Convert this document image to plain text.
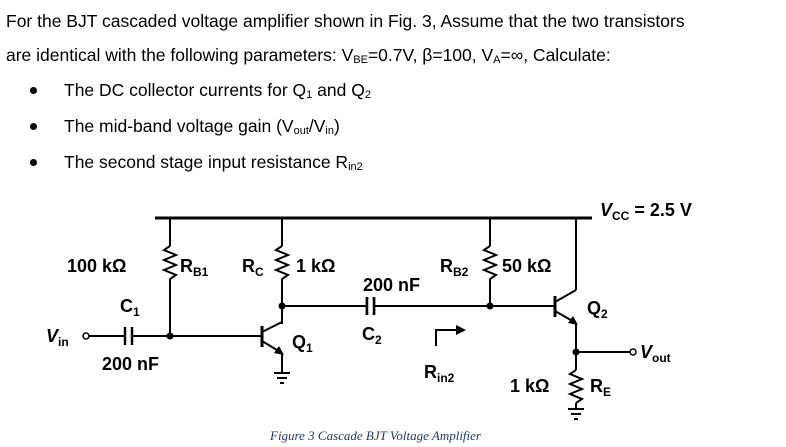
For the BJT cascaded voltage amplifier shown in Fig. 3, Assume that the two transistors
are identical with the following parameters: $V_{BE}=0.7V$, β=100, $V_A=\infty$, Calculate:
The DC collector currents for $Q_1$ and $Q_2$
The mid-band voltage gain $(V_{out}/V_{in})$
The second stage input resistance $R_{in2}$
$V_{CC} = 2.5$ V
100 kΩ	$R_{B1}$ $R_C$ 1 kΩ
200 nF
$R_{B2}$ 50 kΩ
$C_1$	$Q_2$
$V_{in}$	$Q_1$
$C_2$
$V_{out}$
200 nF	$R_{in2}$	1 kΩ $R_E$
Figure 3 Cascade BJT Voltage Amplifier
